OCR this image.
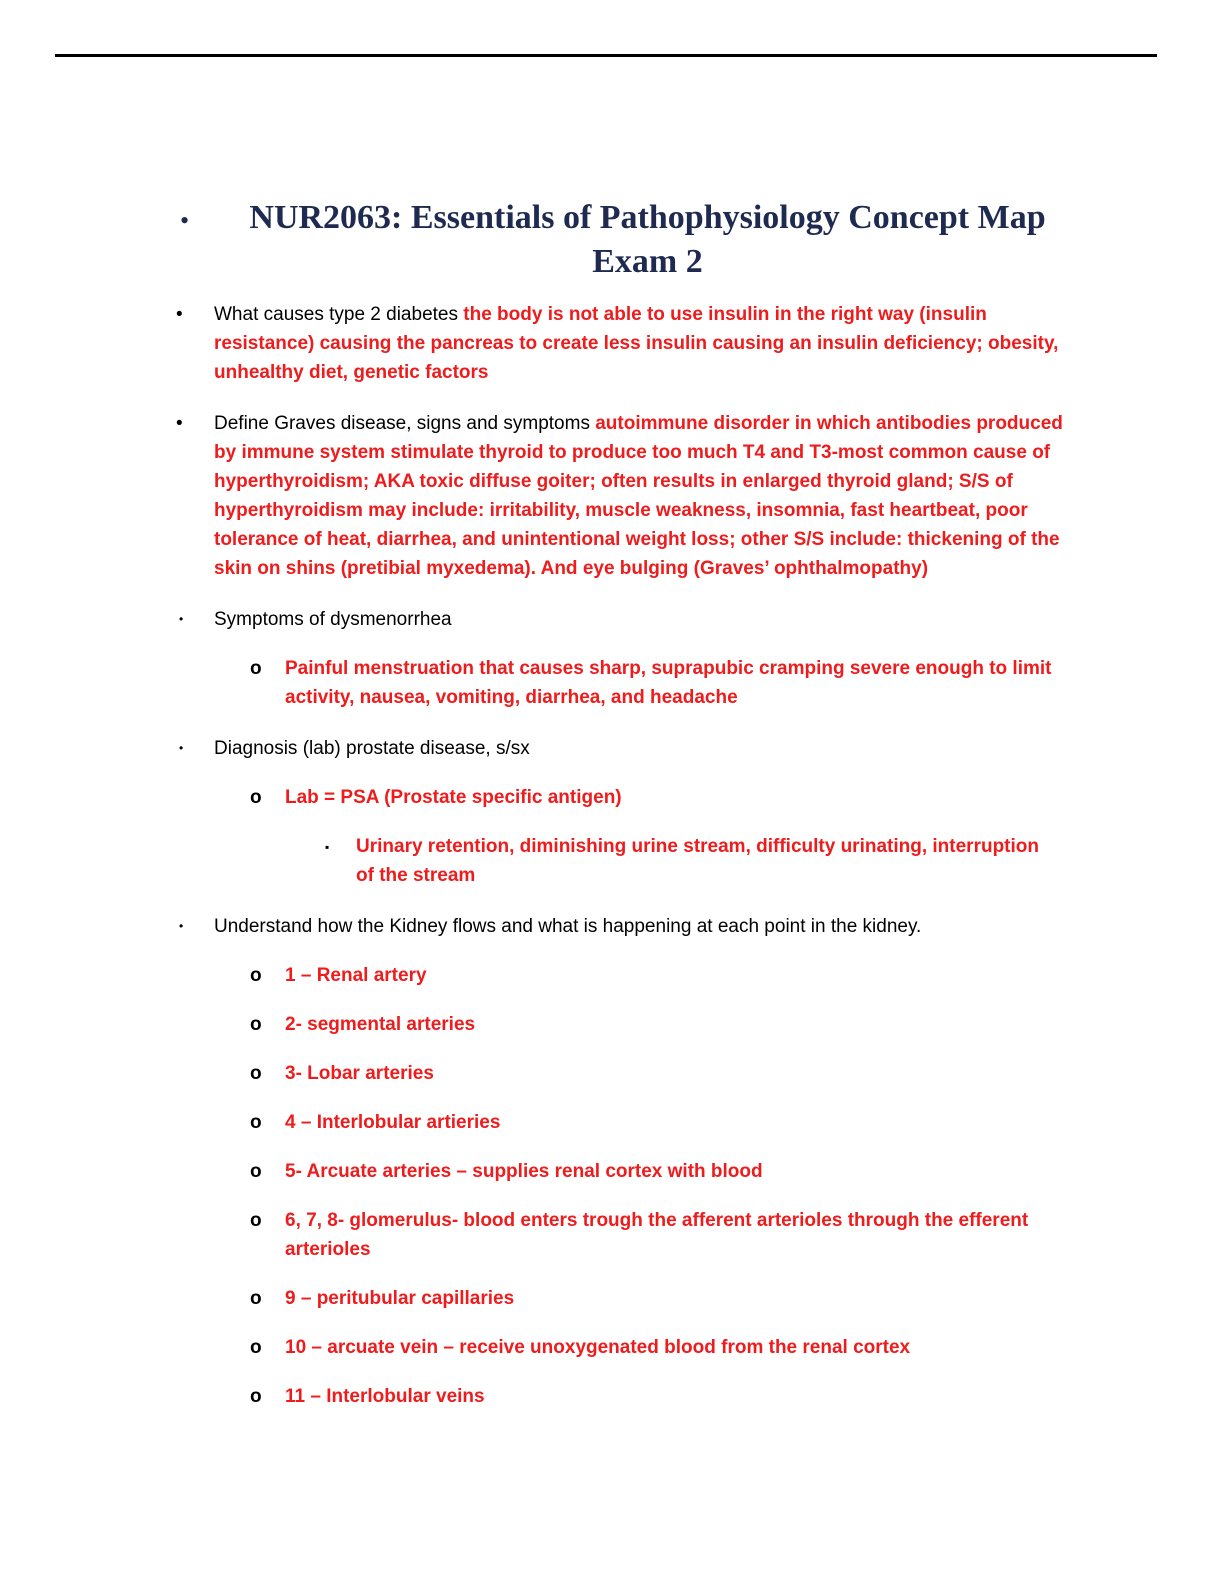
•	NUR2063: Essentials of Pathophysiology Concept Map
Exam 2
• What causes type 2 diabetes the body is not able to use insulin in the right way (insulin resistance) causing the pancreas to create less insulin causing an insulin deficiency; obesity, unhealthy diet, genetic factors
• Define Graves disease, signs and symptoms autoimmune disorder in which antibodies produced by immune system stimulate thyroid to produce too much T4 and T3-most common cause of hyperthyroidism; AKA toxic diffuse goiter; often results in enlarged thyroid gland; S/S of hyperthyroidism may include: irritability, muscle weakness, insomnia, fast heartbeat, poor tolerance of heat, diarrhea, and unintentional weight loss; other S/S include: thickening of the skin on shins (pretibial myxedema). And eye bulging (Graves’ ophthalmopathy)
• Symptoms of dysmenorrhea
o Painful menstruation that causes sharp, suprapubic cramping severe enough to limit activity, nausea, vomiting, diarrhea, and headache
• Diagnosis (lab) prostate disease, s/sx
o Lab = PSA (Prostate specific antigen)
▪ Urinary retention, diminishing urine stream, difficulty urinating, interruption of the stream
• Understand how the Kidney flows and what is happening at each point in the kidney.
o 1 – Renal artery
o 2- segmental arteries
o 3- Lobar arteries
o 4 – Interlobular artieries
o 5- Arcuate arteries – supplies renal cortex with blood
o 6, 7, 8- glomerulus- blood enters trough the afferent arterioles through the efferent arterioles
o 9 – peritubular capillaries
o 10 – arcuate vein – receive unoxygenated blood from the renal cortex
o 11 – Interlobular veins
